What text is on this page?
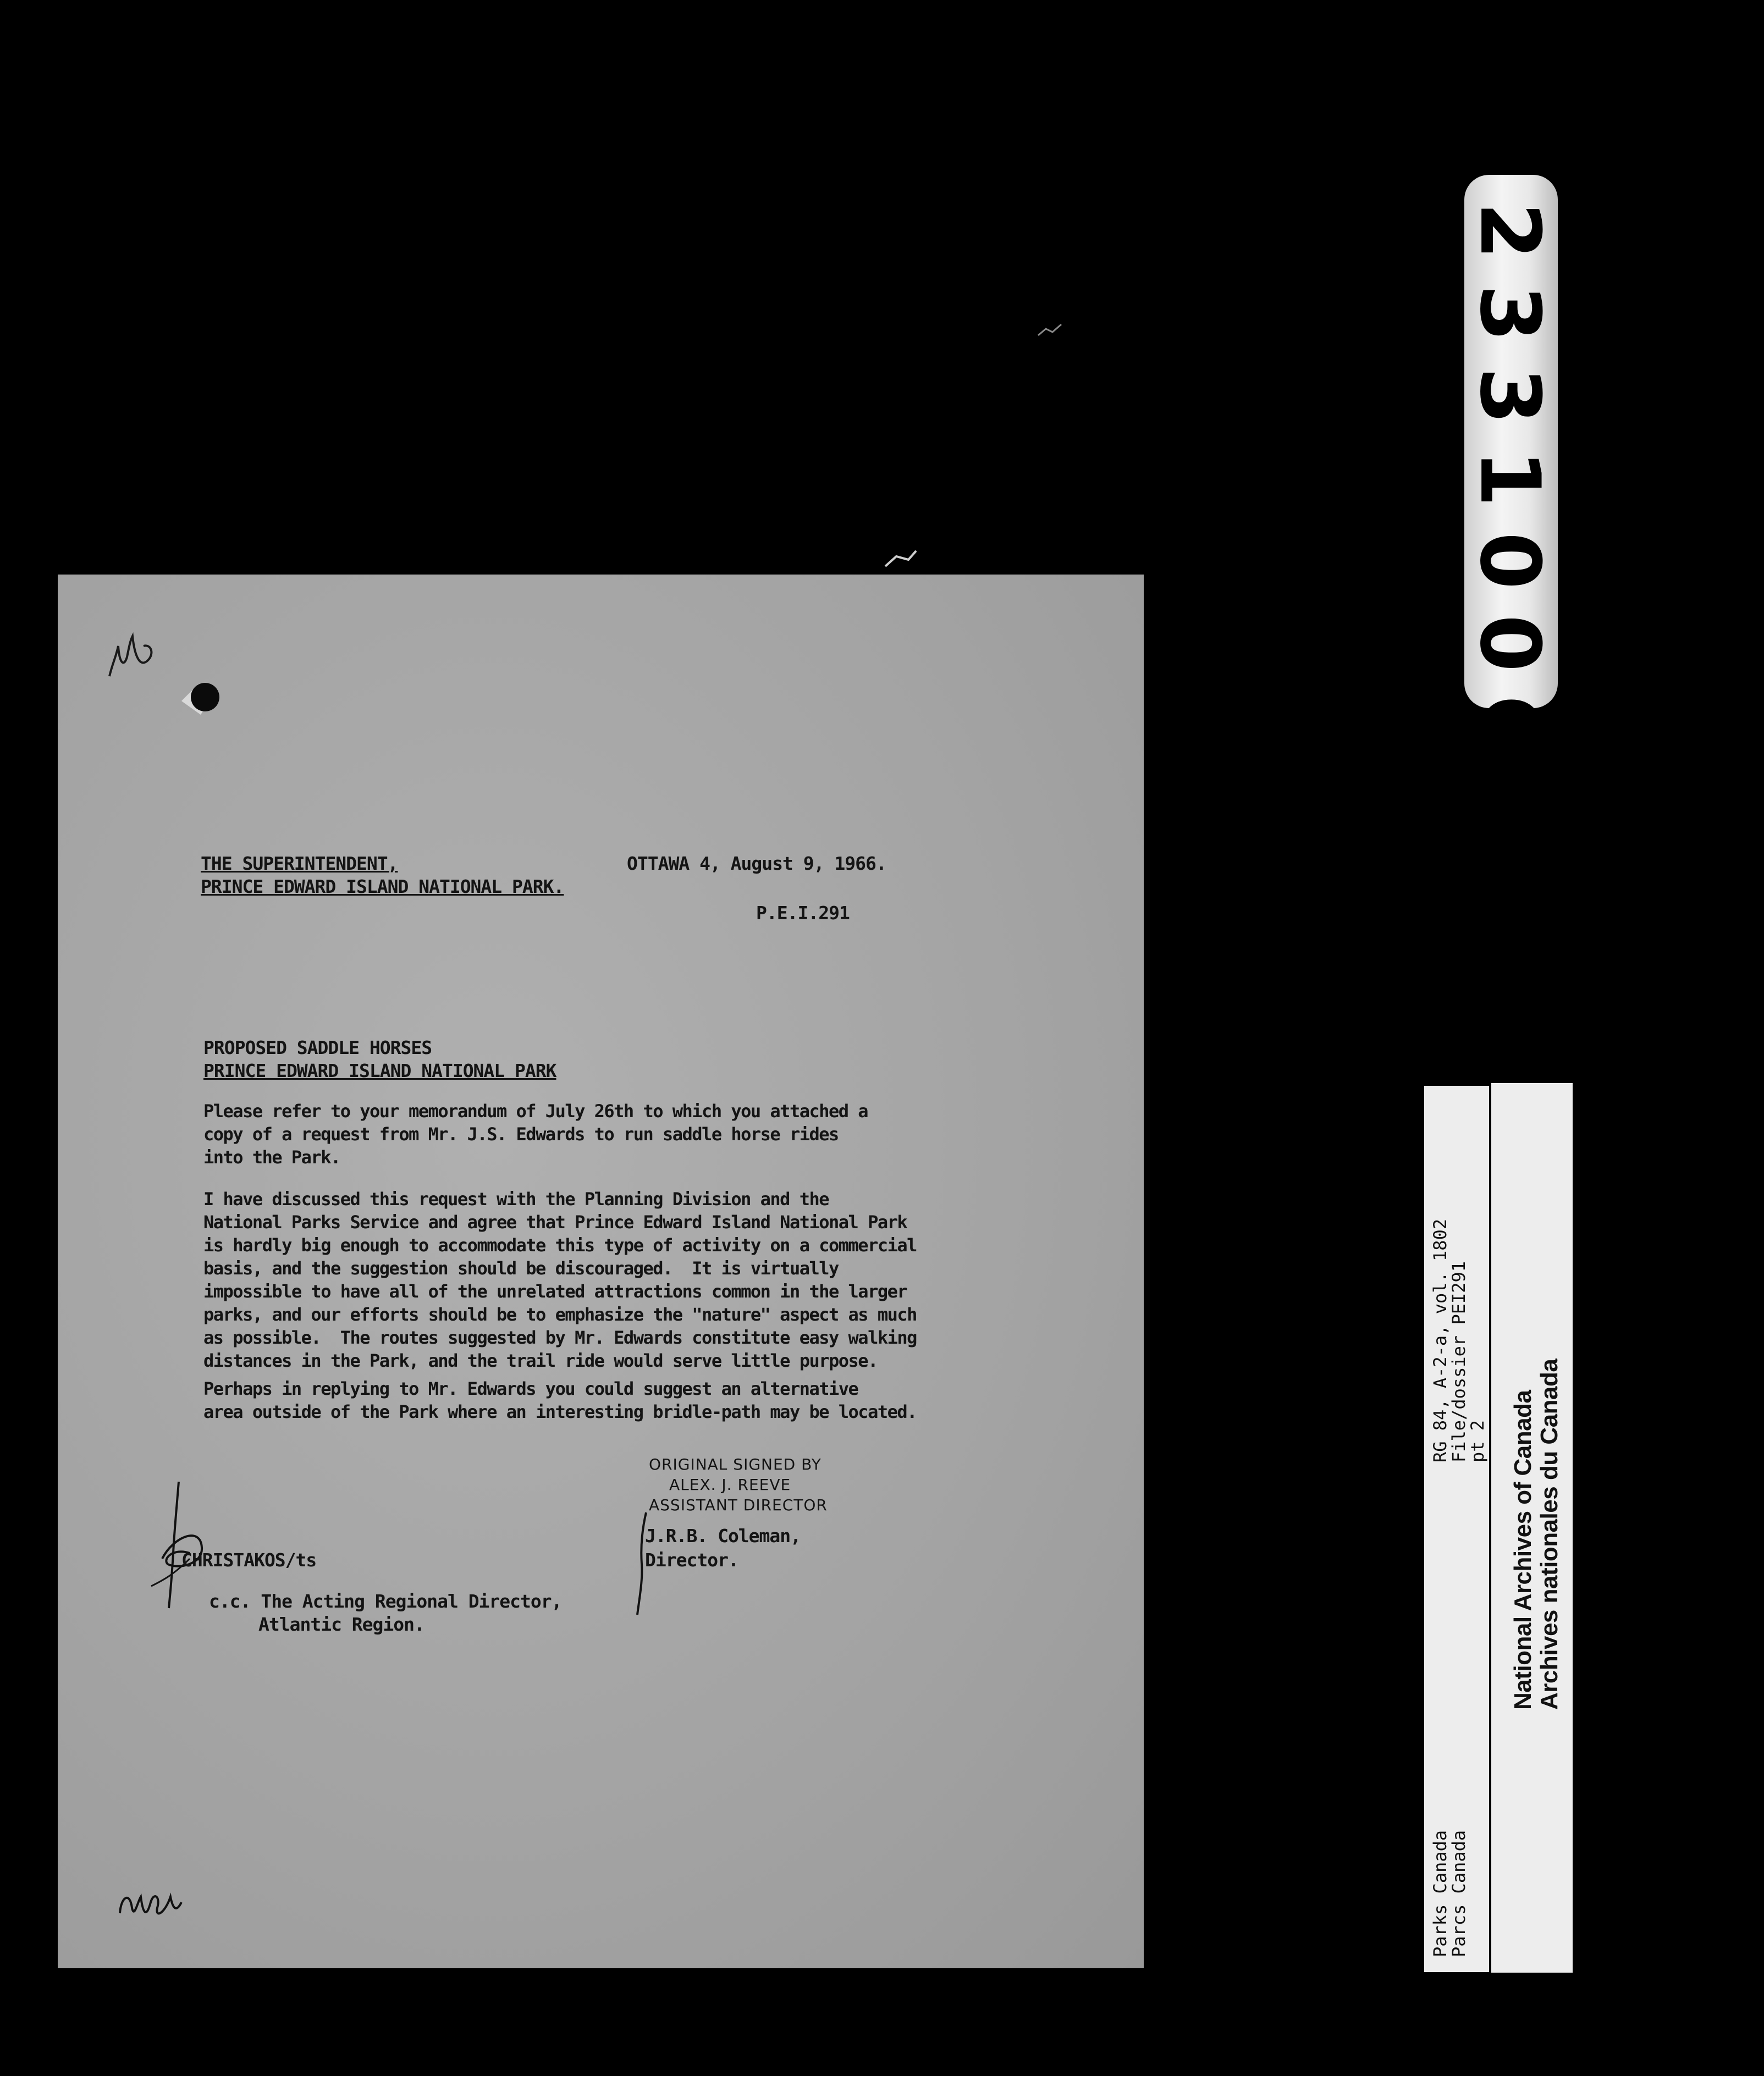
2
3
3
1
0
0
C
RG 84, A-2-a, vol. 1802
File/dossier PEI291
pt 2
Parks Canada
Parcs Canada
National Archives of Canada Archives nationales du Canada
THE SUPERINTENDENT,
PRINCE EDWARD ISLAND NATIONAL PARK.
OTTAWA 4, August 9, 1966.
P.E.I.291
PROPOSED SADDLE HORSES
PRINCE EDWARD ISLAND NATIONAL PARK
Please refer to your memorandum of July 26th to which you attached a
copy of a request from Mr. J.S. Edwards to run saddle horse rides
into the Park.
I have discussed this request with the Planning Division and the
National Parks Service and agree that Prince Edward Island National Park
is hardly big enough to accommodate this type of activity on a commercial
basis, and the suggestion should be discouraged.  It is virtually
impossible to have all of the unrelated attractions common in the larger
parks, and our efforts should be to emphasize the "nature" aspect as much
as possible.  The routes suggested by Mr. Edwards constitute easy walking
distances in the Park, and the trail ride would serve little purpose.
Perhaps in replying to Mr. Edwards you could suggest an alternative
area outside of the Park where an interesting bridle-path may be located.
ORIGINAL SIGNED BY
ALEX. J. REEVE
ASSISTANT DIRECTOR
J.R.B. Coleman,
Director.
CHRISTAKOS/ts
c.c. The Acting Regional Director,
Atlantic Region.
